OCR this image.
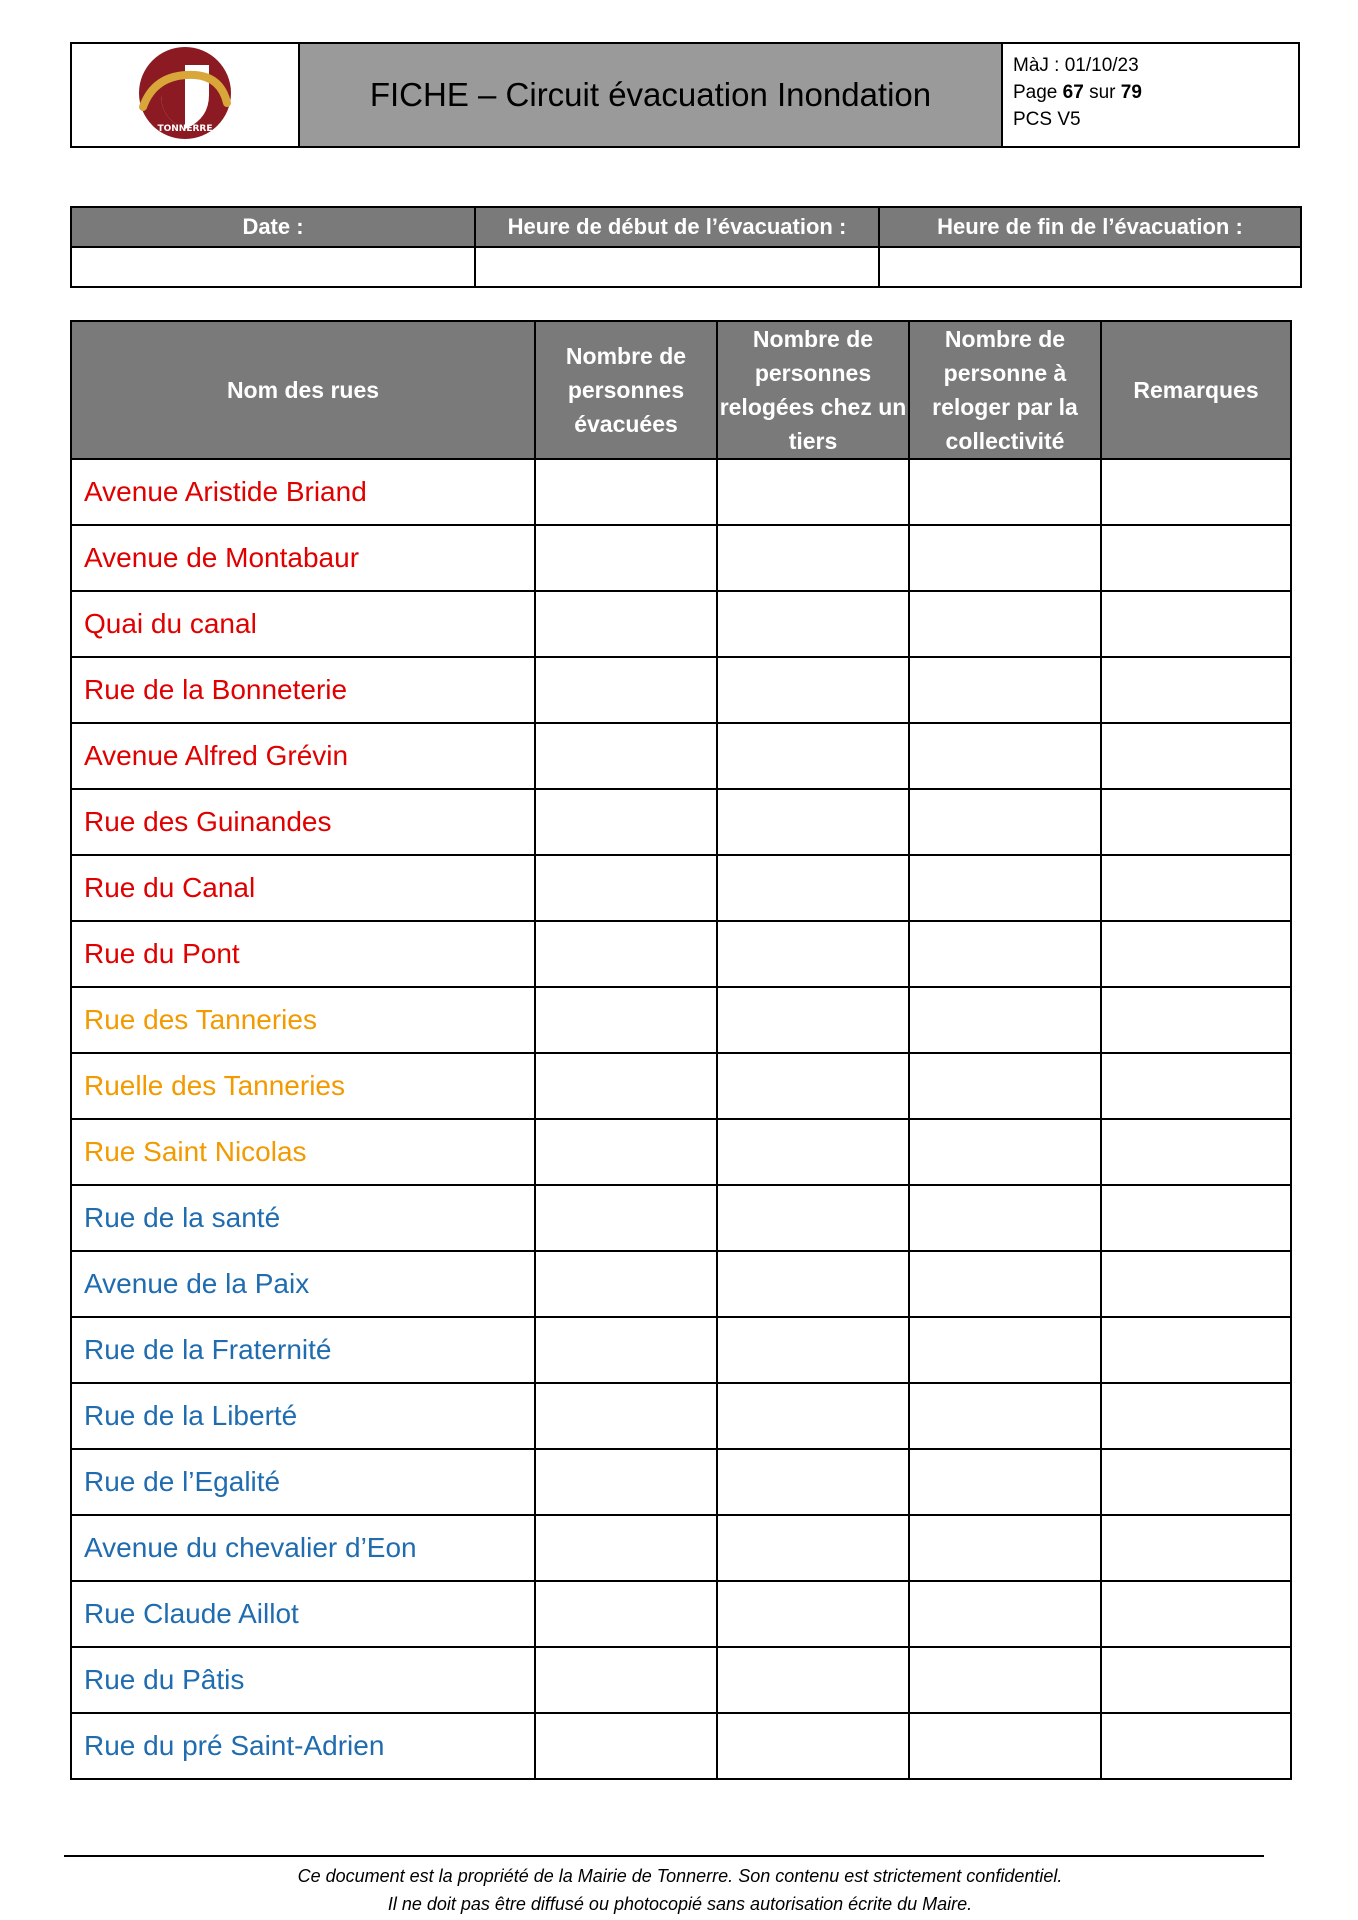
TONNERRE
	FICHE – Circuit évacuation Inondation	
MàJ : 01/10/23
Page 67 sur 79
PCS V5
Date :	Heure de début de l’évacuation :	Heure de fin de l’évacuation :

Nom des rues	Nombre de personnes évacuées	Nombre de personnes relogées chez un tiers	Nombre de personne à reloger par la collectivité	Remarques
Avenue Aristide Briand				
Avenue de Montabaur				
Quai du canal				
Rue de la Bonneterie				
Avenue Alfred Grévin				
Rue des Guinandes				
Rue du Canal				
Rue du Pont				
Rue des Tanneries				
Ruelle des Tanneries				
Rue Saint Nicolas				
Rue de la santé				
Avenue de la Paix				
Rue de la Fraternité				
Rue de la Liberté				
Rue de l’Egalité				
Avenue du chevalier d’Eon				
Rue Claude Aillot				
Rue du Pâtis				
Rue du pré Saint-Adrien				
Ce document est la propriété de la Mairie de Tonnerre. Son contenu est strictement confidentiel.
Il ne doit pas être diffusé ou photocopié sans autorisation écrite du Maire.
